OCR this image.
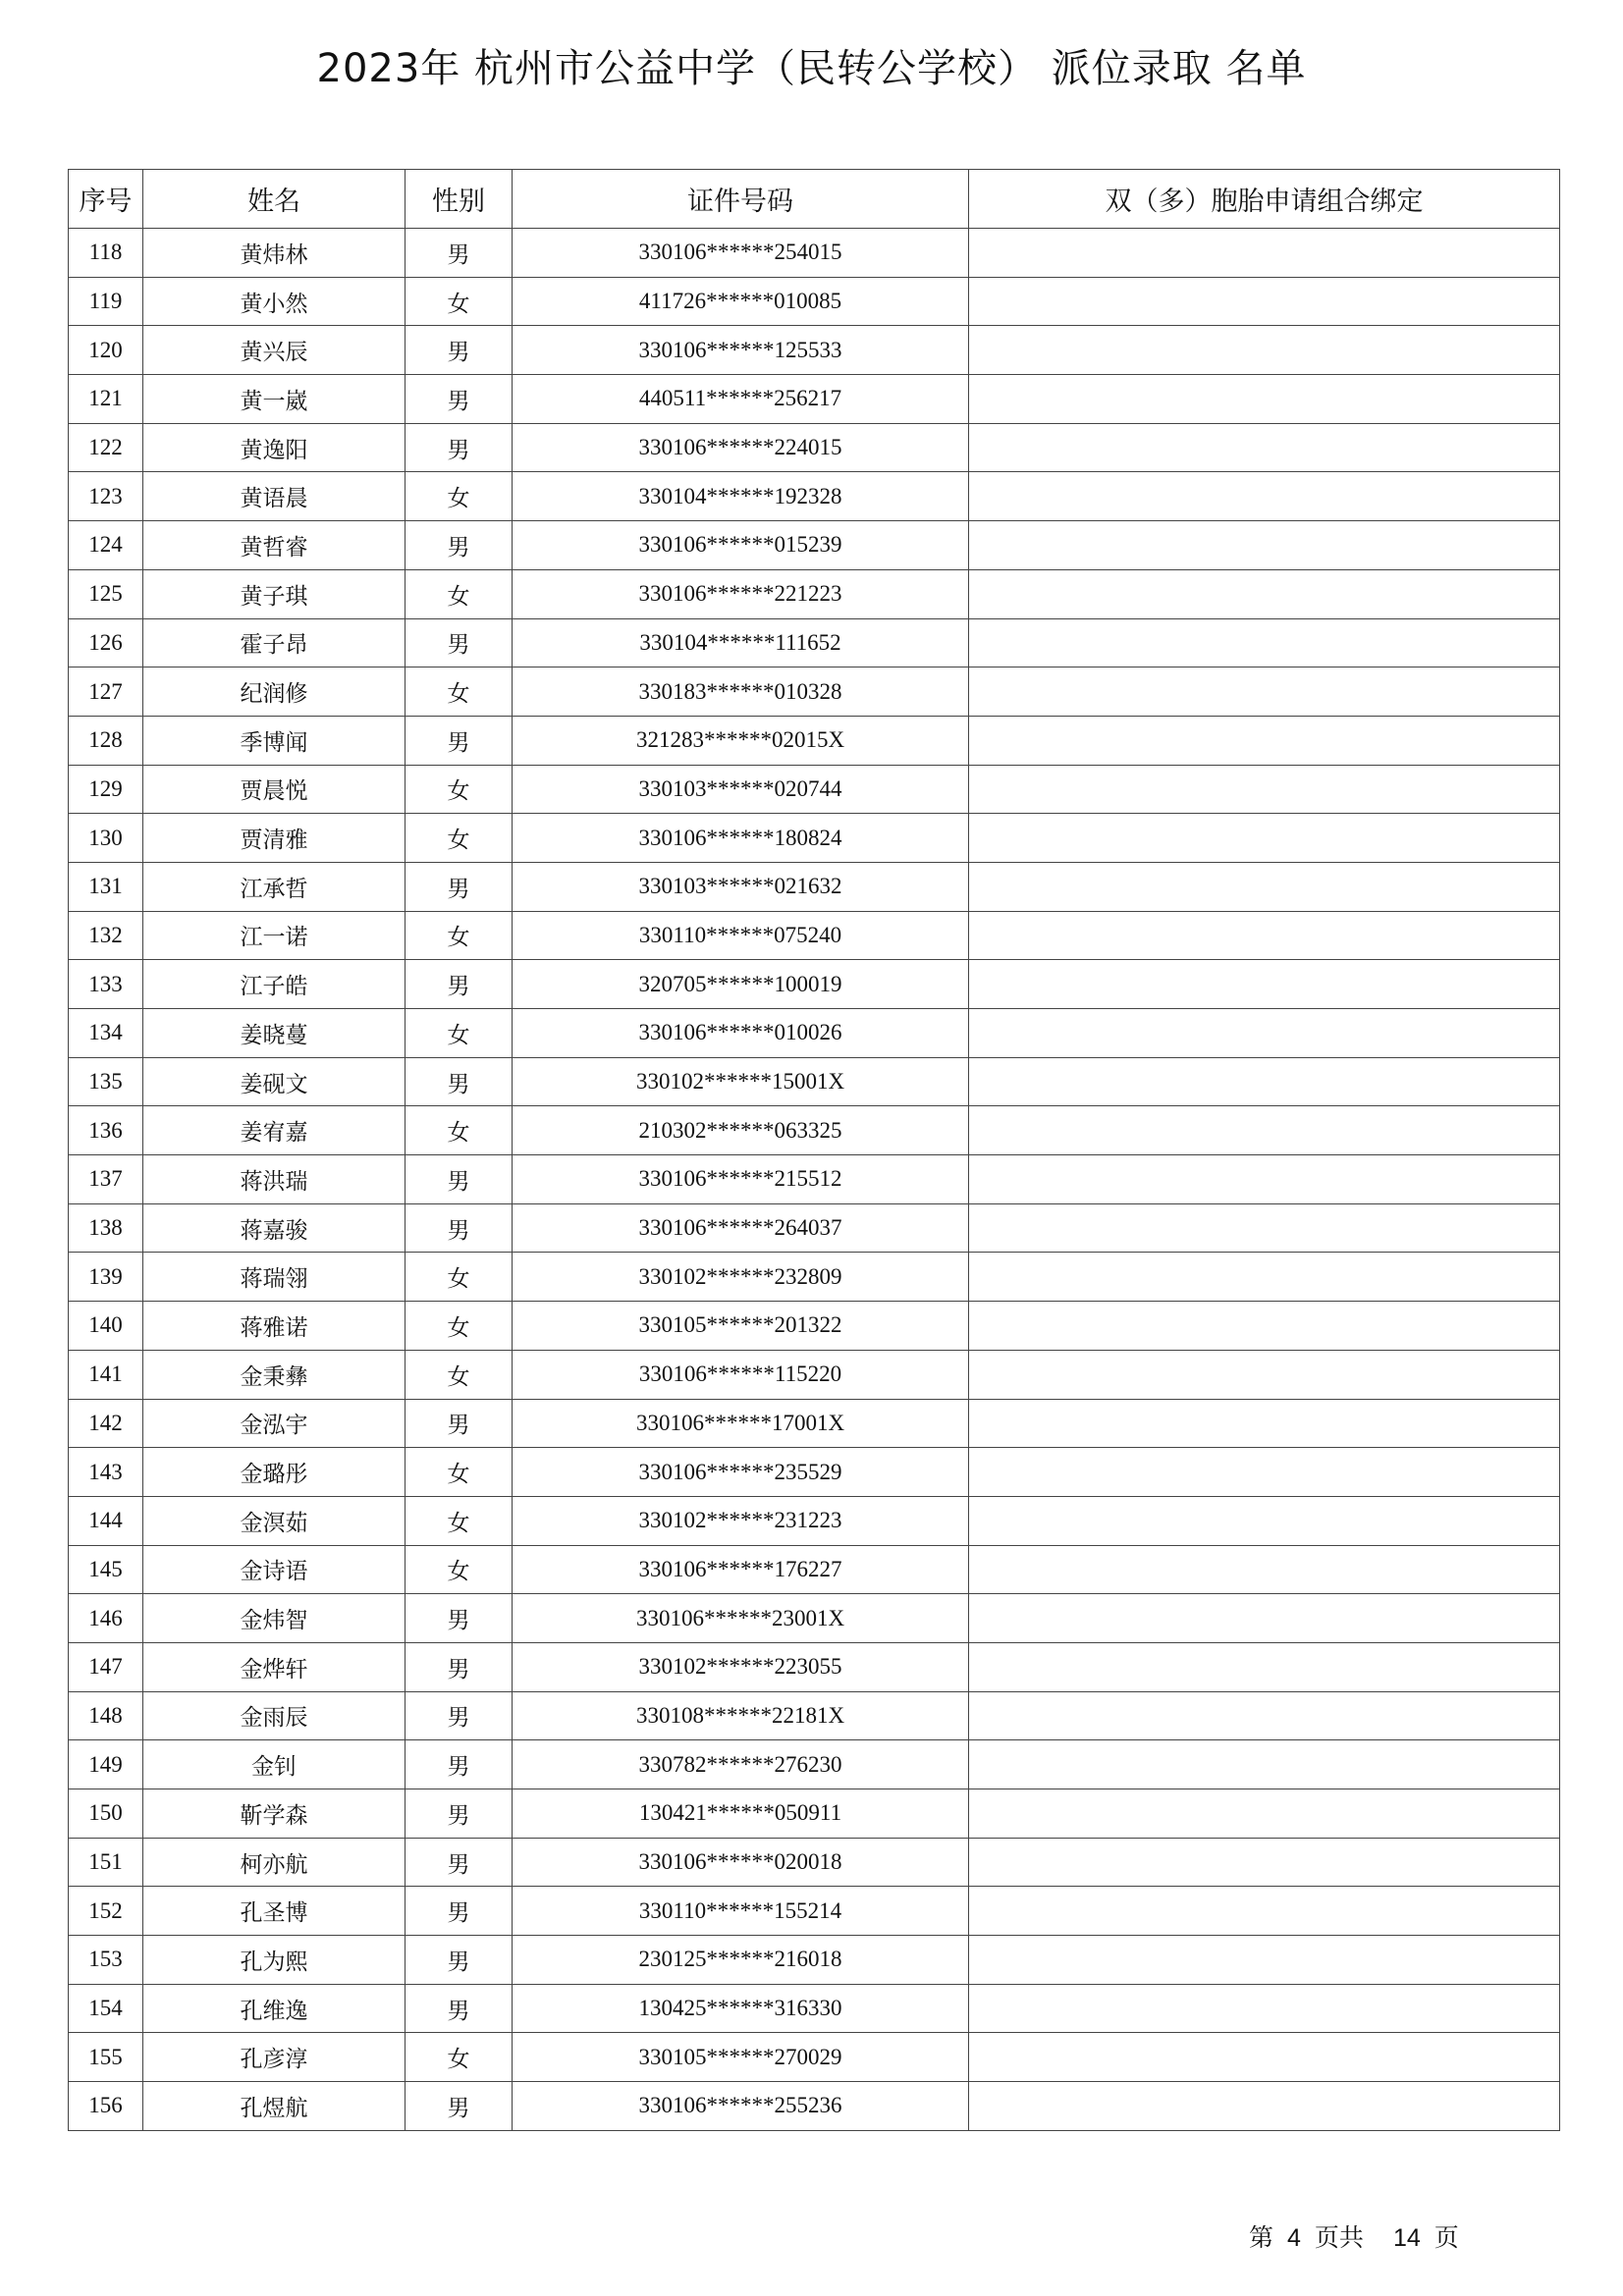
2023年 杭州市公益中学（民转公学校） 派位录取 名单
序号	姓名	性别	证件号码	双（多）胞胎申请组合绑定
118	黄炜林	男	330106******254015	
119	黄小然	女	411726******010085	
120	黄兴辰	男	330106******125533	
121	黄一崴	男	440511******256217	
122	黄逸阳	男	330106******224015	
123	黄语晨	女	330104******192328	
124	黄哲睿	男	330106******015239	
125	黄子琪	女	330106******221223	
126	霍子昂	男	330104******111652	
127	纪润修	女	330183******010328	
128	季博闻	男	321283******02015X	
129	贾晨悦	女	330103******020744	
130	贾清雅	女	330106******180824	
131	江承哲	男	330103******021632	
132	江一诺	女	330110******075240	
133	江子皓	男	320705******100019	
134	姜晓蔓	女	330106******010026	
135	姜砚文	男	330102******15001X	
136	姜宥嘉	女	210302******063325	
137	蒋洪瑞	男	330106******215512	
138	蒋嘉骏	男	330106******264037	
139	蒋瑞翎	女	330102******232809	
140	蒋雅诺	女	330105******201322	
141	金秉彝	女	330106******115220	
142	金泓宇	男	330106******17001X	
143	金璐彤	女	330106******235529	
144	金溟茹	女	330102******231223	
145	金诗语	女	330106******176227	
146	金炜智	男	330106******23001X	
147	金烨轩	男	330102******223055	
148	金雨辰	男	330108******22181X	
149	金钊	男	330782******276230	
150	靳学森	男	130421******050911	
151	柯亦航	男	330106******020018	
152	孔圣博	男	330110******155214	
153	孔为熙	男	230125******216018	
154	孔维逸	男	130425******316330	
155	孔彦淳	女	330105******270029	
156	孔煜航	男	330106******255236	
第 4 页共 14 页
